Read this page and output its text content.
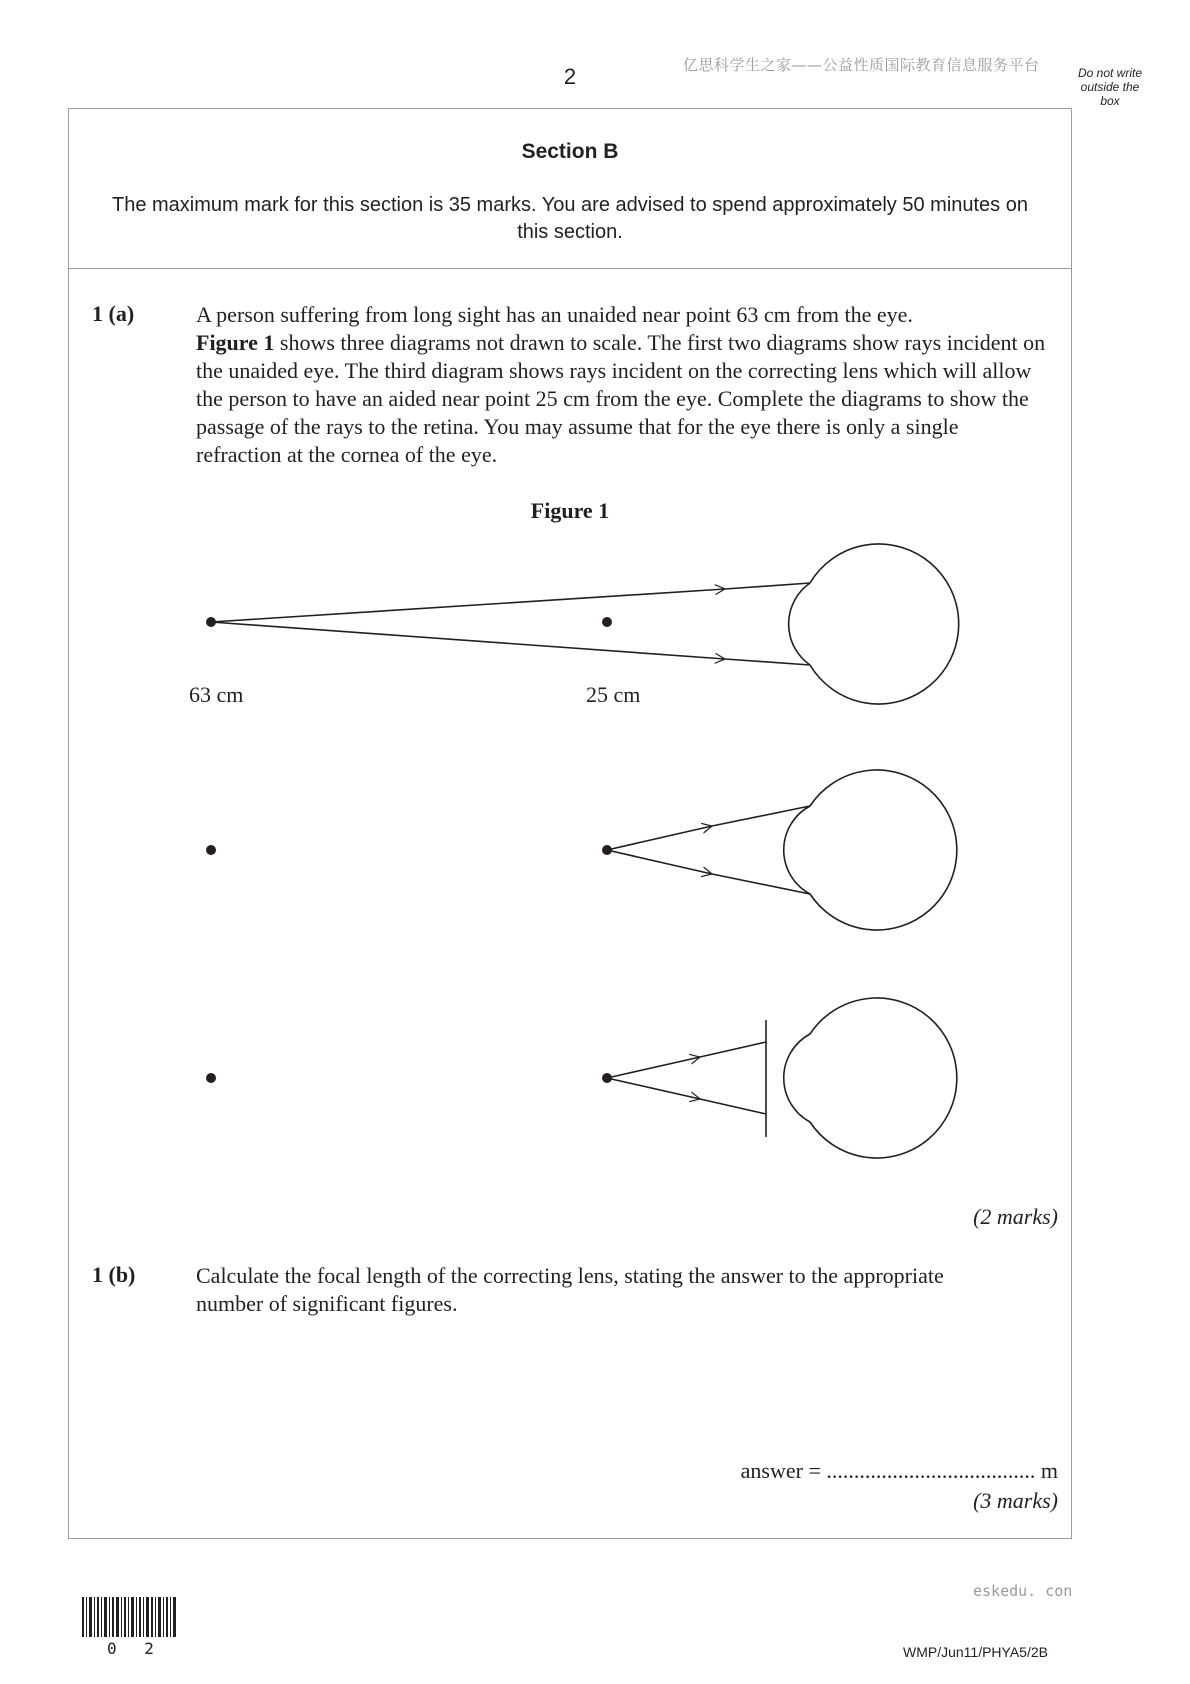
2	亿思科学生之家——公益性质国际教育信息服务平台	Do not write outside the box
Section B
The maximum mark for this section is 35 marks. You are advised to spend approximately 50 minutes on this section.
1 (a)	A person suffering from long sight has an unaided near point 63 cm from the eye.
Figure 1 shows three diagrams not drawn to scale. The first two diagrams show rays incident on the unaided eye. The third diagram shows rays incident on the correcting lens which will allow the person to have an aided near point 25 cm from the eye. Complete the diagrams to show the passage of the rays to the retina. You may assume that for the eye there is only a single refraction at the cornea of the eye.
Figure 1
63 cm	25 cm
(2 marks)
1 (b)	Calculate the focal length of the correcting lens, stating the answer to the appropriate number of significant figures.
answer = ...................................... m
(3 marks)
eskedu. con
0 2	WMP/Jun11/PHYA5/2B
